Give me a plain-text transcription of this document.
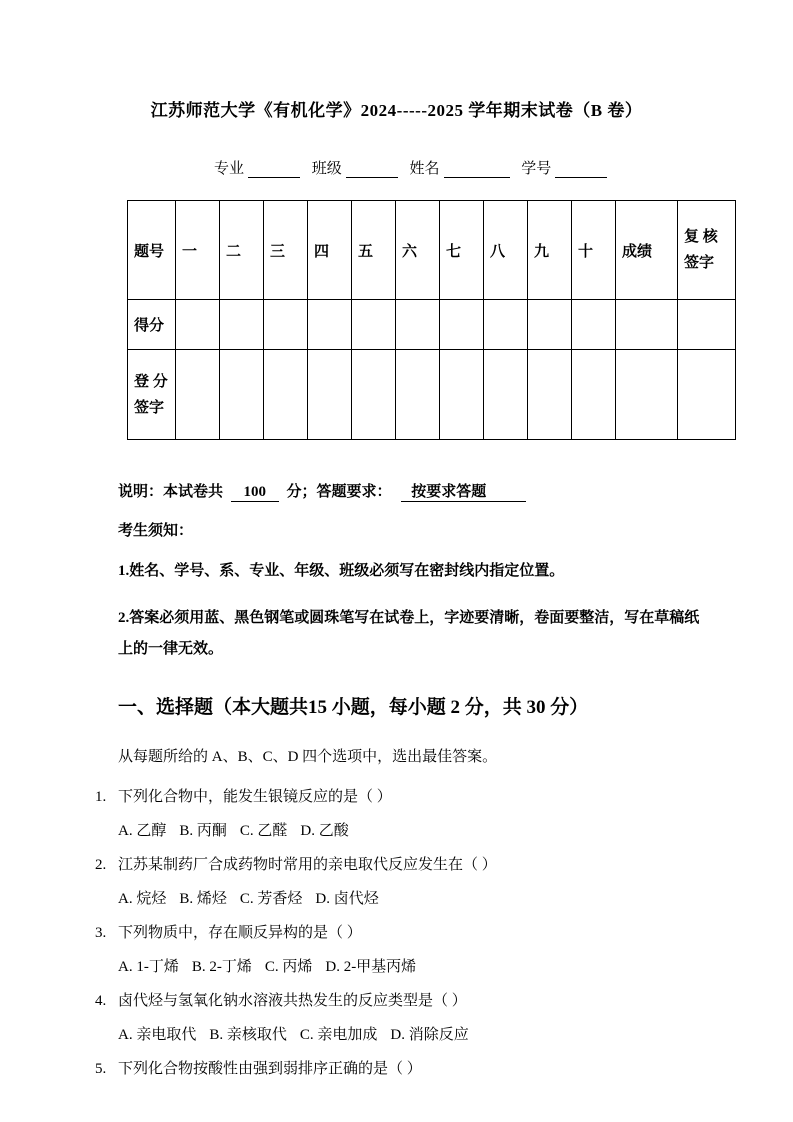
江苏师范大学《有机化学》2024-----2025 学年期末试卷（B 卷）
专业	班级	姓名	学号
题号	一	二	三	四	五	六	七	八	九	十	成绩	复 核
签字

得分												

登 分
签字												

说明：本试卷共 100 分；答题要求： 按要求答题
考生须知：
1.姓名、学号、系、专业、年级、班级必须写在密封线内指定位置。
2.答案必须用蓝、黑色钢笔或圆珠笔写在试卷上，字迹要清晰，卷面要整洁，写在草稿纸上的一律无效。
一、选择题（本大题共15 小题，每小题 2 分，共 30 分）
从每题所给的 A、B、C、D 四个选项中，选出最佳答案。
1. 下列化合物中，能发生银镜反应的是（ ）
A. 乙醇 B. 丙酮 C. 乙醛 D. 乙酸
2. 江苏某制药厂合成药物时常用的亲电取代反应发生在（ ）
A. 烷烃 B. 烯烃 C. 芳香烃 D. 卤代烃
3. 下列物质中，存在顺反异构的是（ ）
A. 1-丁烯 B. 2-丁烯 C. 丙烯 D. 2-甲基丙烯
4. 卤代烃与氢氧化钠水溶液共热发生的反应类型是（ ）
A. 亲电取代 B. 亲核取代 C. 亲电加成 D. 消除反应
5. 下列化合物按酸性由强到弱排序正确的是（ ）
